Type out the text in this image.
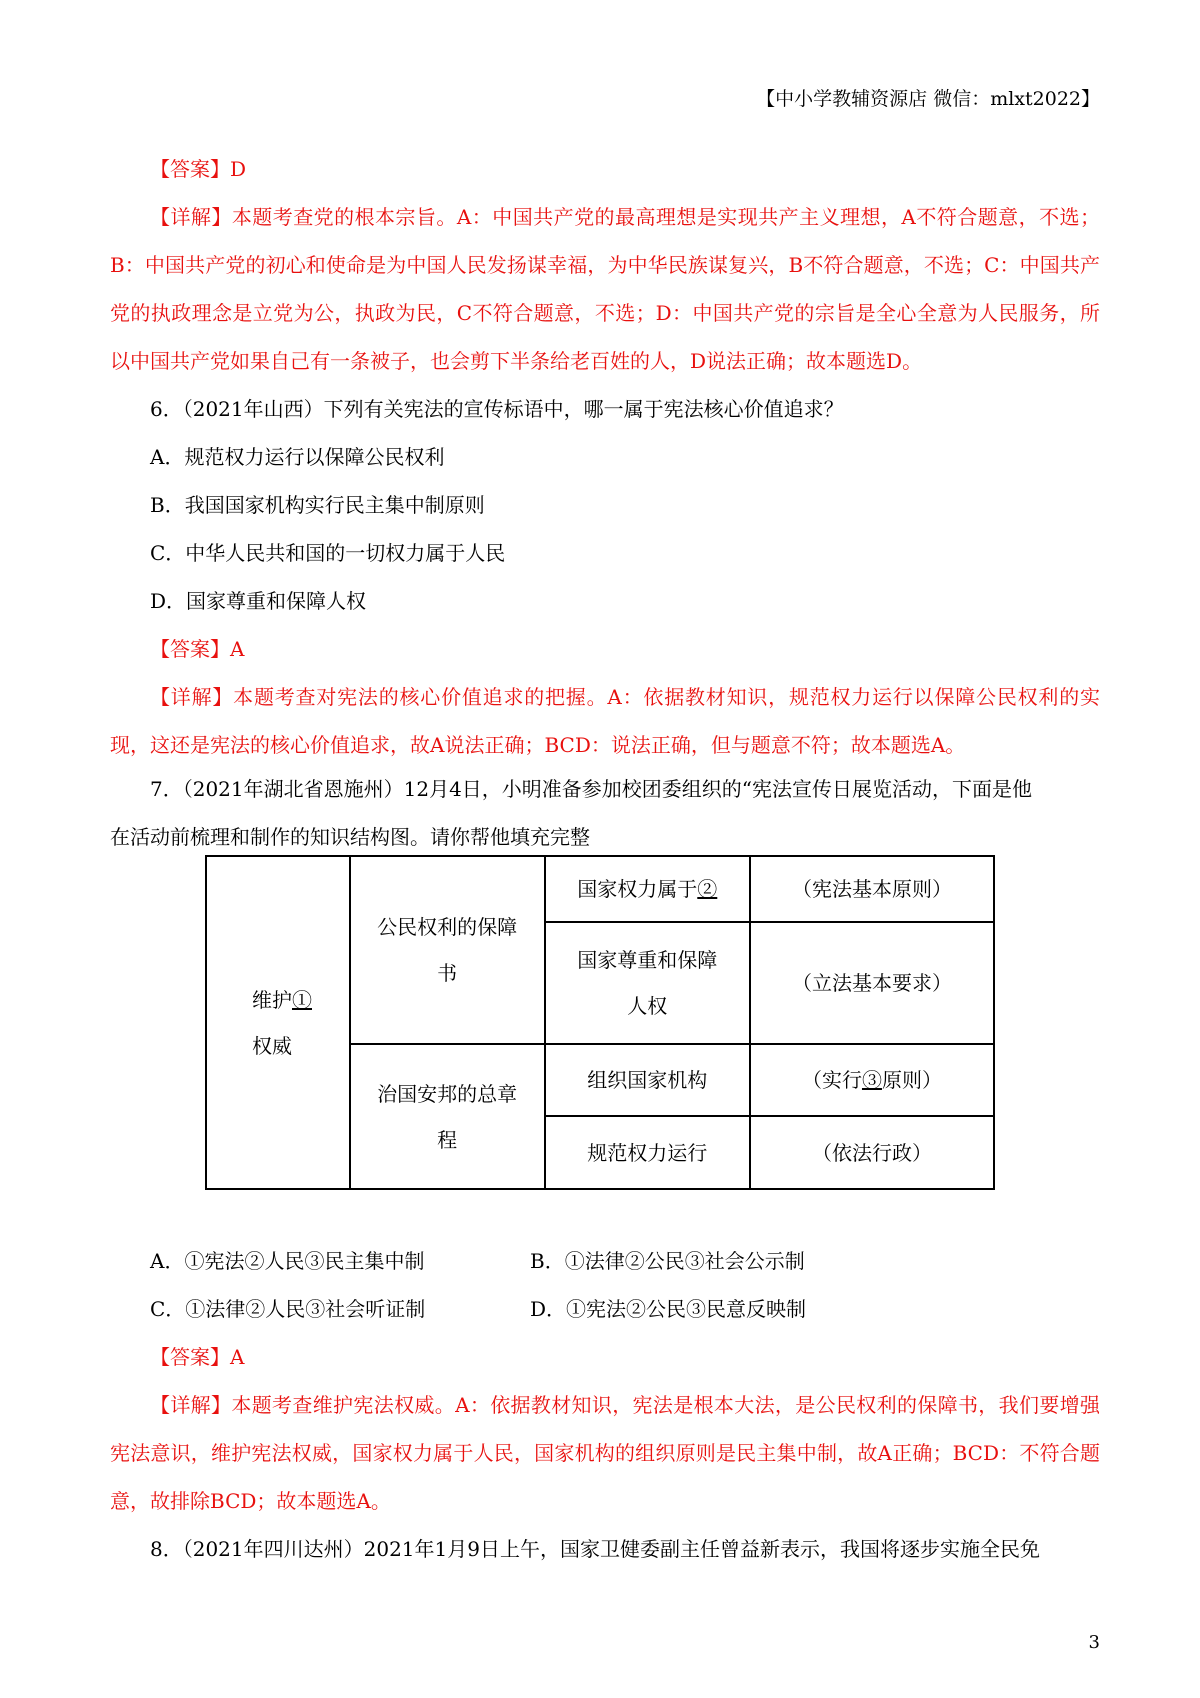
【中小学教辅资源店 微信：mlxt2022】
【答案】D
【详解】本题考查党的根本宗旨。A：中国共产党的最高理想是实现共产主义理想，A不符合题意，不选；B：中国共产党的初心和使命是为中国人民发扬谋幸福，为中华民族谋复兴，B不符合题意，不选；C：中国共产党的执政理念是立党为公，执政为民，C不符合题意，不选；D：中国共产党的宗旨是全心全意为人民服务，所以中国共产党如果自己有一条被子，也会剪下半条给老百姓的人，D说法正确；故本题选D。
6．（2021年山西）下列有关宪法的宣传标语中，哪一属于宪法核心价值追求？
A．规范权力运行以保障公民权利
B．我国国家机构实行民主集中制原则
C．中华人民共和国的一切权力属于人民
D．国家尊重和保障人权
【答案】A
【详解】本题考查对宪法的核心价值追求的把握。A：依据教材知识，规范权力运行以保障公民权利的实现，这还是宪法的核心价值追求，故A说法正确；BCD：说法正确，但与题意不符；故本题选A。
7．（2021年湖北省恩施州）12月4日，小明准备参加校团委组织的“宪法宣传日展览活动，下面是他
在活动前梳理和制作的知识结构图。请你帮他填充完整
维护①
权威	公民权利的保障书	国家权力属于②	（宪法基本原则）
		国家尊重和保障人权	（立法基本要求）
	治国安邦的总章程	组织国家机构	（实行③原则）
		规范权力运行	（依法行政）
A．①宪法②人民③民主集中制	B．①法律②公民③社会公示制
C．①法律②人民③社会听证制	D．①宪法②公民③民意反映制
【答案】A
【详解】本题考查维护宪法权威。A：依据教材知识，宪法是根本大法，是公民权利的保障书，我们要增强宪法意识，维护宪法权威，国家权力属于人民，国家机构的组织原则是民主集中制，故A正确；BCD：不符合题意，故排除BCD；故本题选A。
8．（2021年四川达州）2021年1月9日上午，国家卫健委副主任曾益新表示，我国将逐步实施全民免
3
